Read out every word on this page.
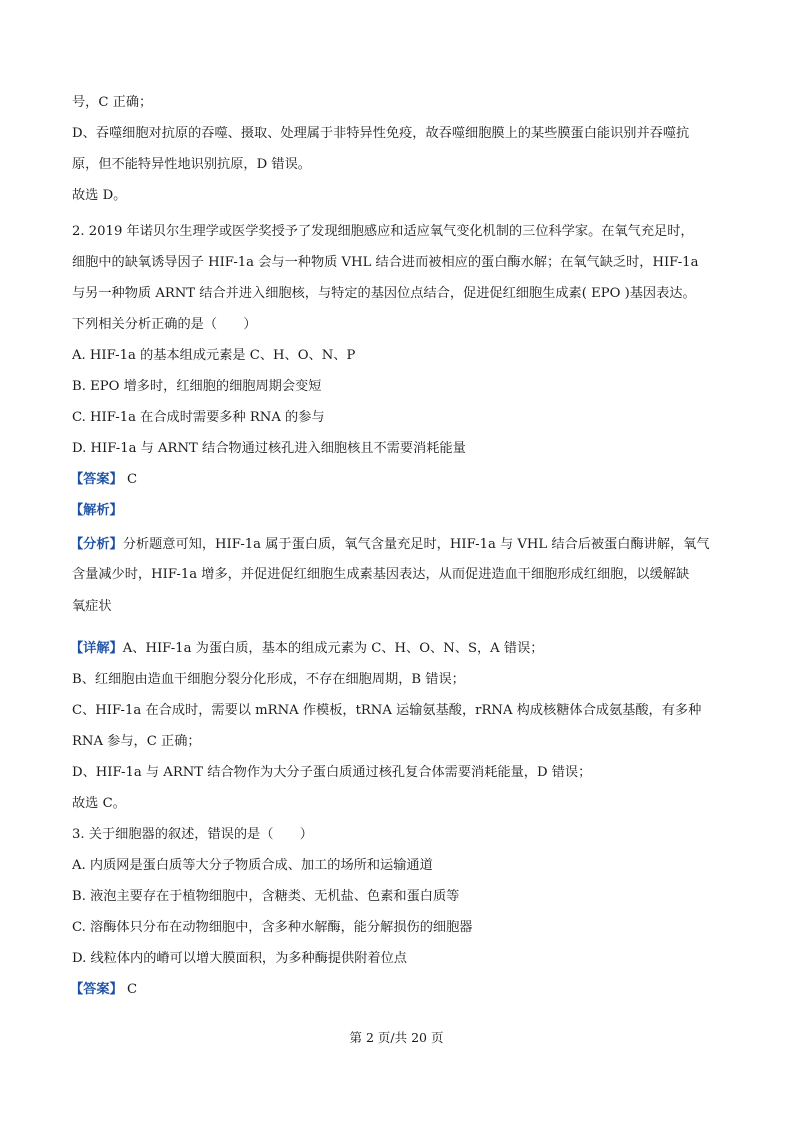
号，C 正确；
D、吞噬细胞对抗原的吞噬、摄取、处理属于非特异性免疫，故吞噬细胞膜上的某些膜蛋白能识别并吞噬抗
原，但不能特异性地识别抗原，D 错误。
故选 D。
2. 2019 年诺贝尔生理学或医学奖授予了发现细胞感应和适应氧气变化机制的三位科学家。在氧气充足时，
细胞中的缺氧诱导因子 HIF-1a 会与一种物质 VHL 结合进而被相应的蛋白酶水解；在氧气缺乏时，HIF-1a
与另一种物质 ARNT 结合并进入细胞核，与特定的基因位点结合，促进促红细胞生成素( EPO )基因表达。
下列相关分析正确的是（　　）
A. HIF-1a 的基本组成元素是 C、H、O、N、P
B. EPO 增多时，红细胞的细胞周期会变短
C. HIF-1a 在合成时需要多种 RNA 的参与
D. HIF-1a 与 ARNT 结合物通过核孔进入细胞核且不需要消耗能量
【答案】 C
【解析】
【分析】分析题意可知，HIF-1a 属于蛋白质，氧气含量充足时，HIF-1a 与 VHL 结合后被蛋白酶讲解，氧气
含量减少时，HIF-1a 增多，并促进促红细胞生成素基因表达，从而促进造血干细胞形成红细胞，以缓解缺
氧症状
【详解】A、HIF-1a 为蛋白质，基本的组成元素为 C、H、O、N、S，A 错误；
B、红细胞由造血干细胞分裂分化形成，不存在细胞周期，B 错误；
C、HIF-1a 在合成时，需要以 mRNA 作模板，tRNA 运输氨基酸，rRNA 构成核糖体合成氨基酸，有多种
RNA 参与，C 正确；
D、HIF-1a 与 ARNT 结合物作为大分子蛋白质通过核孔复合体需要消耗能量，D 错误；
故选 C。
3. 关于细胞器的叙述，错误的是（　　）
A. 内质网是蛋白质等大分子物质合成、加工的场所和运输通道
B. 液泡主要存在于植物细胞中，含糖类、无机盐、色素和蛋白质等
C. 溶酶体只分布在动物细胞中，含多种水解酶，能分解损伤的细胞器
D. 线粒体内的嵴可以增大膜面积，为多种酶提供附着位点
【答案】 C
第 2 页/共 20 页
